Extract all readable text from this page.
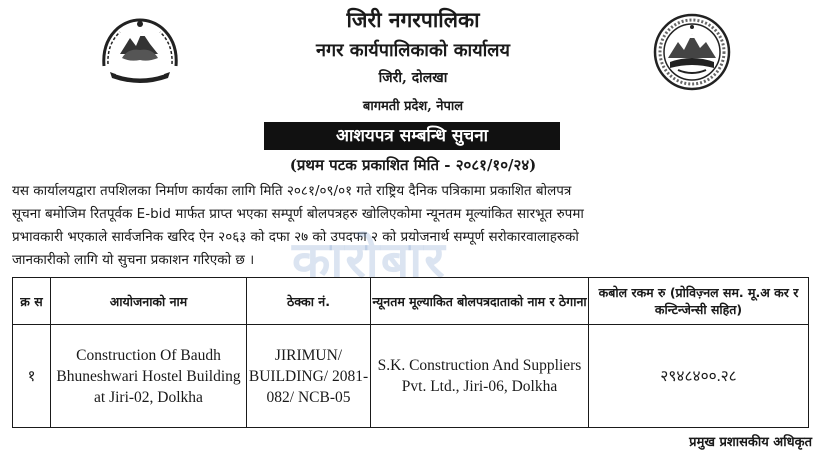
जिरी नगरपालिका
नगर कार्यपालिकाको कार्यालय
जिरी, दोलखा
बागमती प्रदेश, नेपाल
आशयपत्र सम्बन्धि सुचना
(प्रथम पटक प्रकाशित मिति - २०८१/१०/२४)
यस कार्यालयद्वारा तपशिलका निर्माण कार्यका लागि मिति २०८१/०९/०१ गते राष्ट्रिय दैनिक पत्रिकामा प्रकाशित बोलपत्र
सूचना बमोजिम रितपूर्वक E-bid मार्फत प्राप्त भएका सम्पूर्ण बोलपत्रहरु खोलिएकोमा न्यूनतम मूल्यांकित सारभूत रुपमा
प्रभावकारी भएकाले सार्वजनिक खरिद ऐन २०६३ को दफा २७ को उपदफा २ को प्रयोजनार्थ सम्पूर्ण सरोकारवालाहरुको
जानकारीको लागि यो सुचना प्रकाशन गरिएको छ । कारोबार
क्र स	आयोजनाको नाम	ठेक्का नं.	न्यूनतम मूल्याकित बोलपत्रदाताको नाम र ठेगाना	कबोल रकम रु (प्रोविज़्नल सम. मू.अ कर र कन्टिन्जेन्सी सहित)
१	Construction Of Baudh Bhuneshwari Hostel Building at Jiri-02, Dolkha	JIRIMUN/ BUILDING/ 2081-082/ NCB-05	S.K. Construction And Suppliers Pvt. Ltd., Jiri-06, Dolkha	२९४८४००.२८
प्रमुख प्रशासकीय अधिकृत
